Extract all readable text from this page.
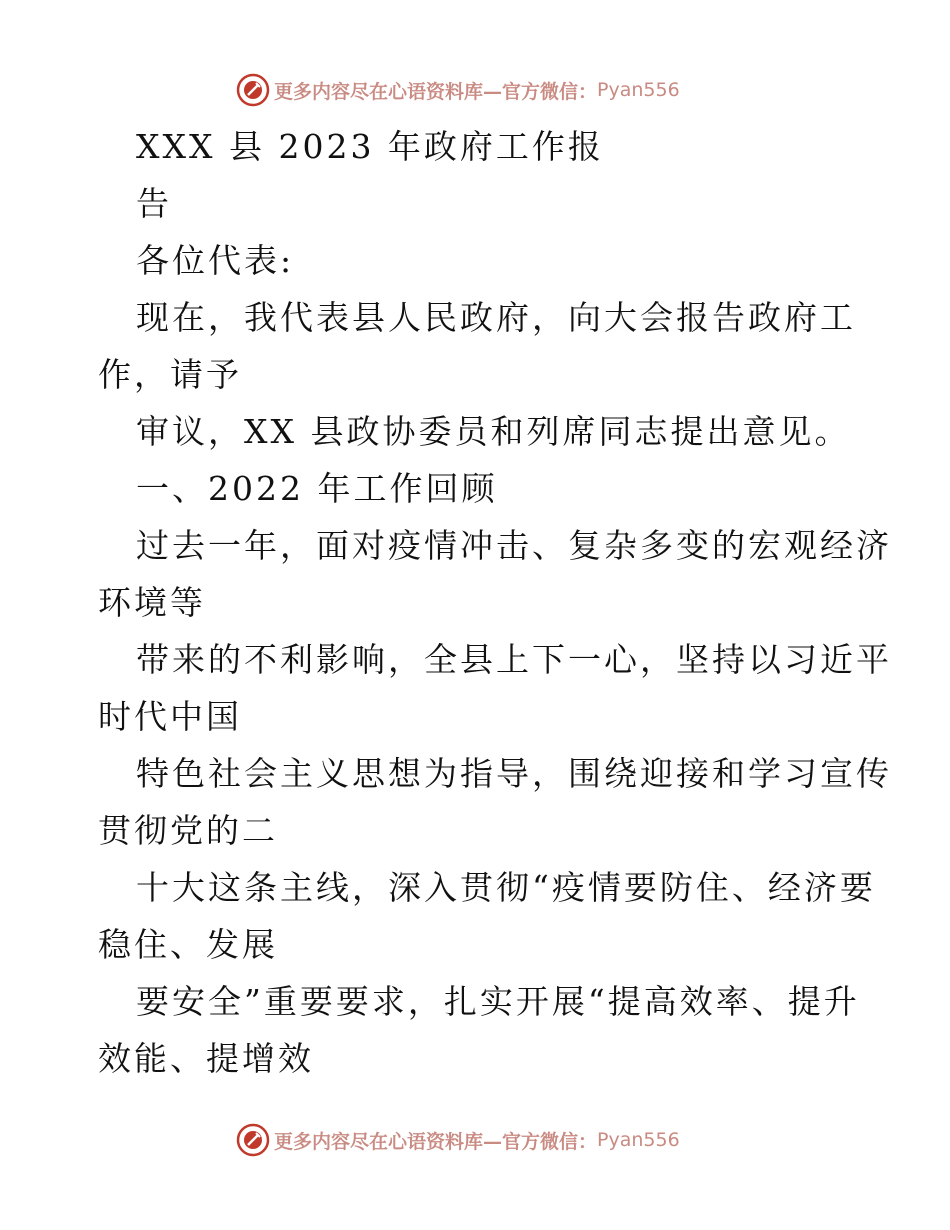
更多内容尽在心语资料库—官方微信： Pyan556
XXX 县 2023 年政府工作报
告
各位代表:
现在，我代表县人民政府，向大会报告政府工
作，请予
审议，XX 县政协委员和列席同志提出意见。
一、2022 年工作回顾
过去一年，面对疫情冲击、复杂多变的宏观经济
环境等
带来的不利影响，全县上下一心，坚持以习近平
时代中国
特色社会主义思想为指导，围绕迎接和学习宣传
贯彻党的二
十大这条主线，深入贯彻“疫情要防住、经济要
稳住、发展
要安全”重要要求，扎实开展“提高效率、提升
效能、提增效
更多内容尽在心语资料库—官方微信： Pyan556
